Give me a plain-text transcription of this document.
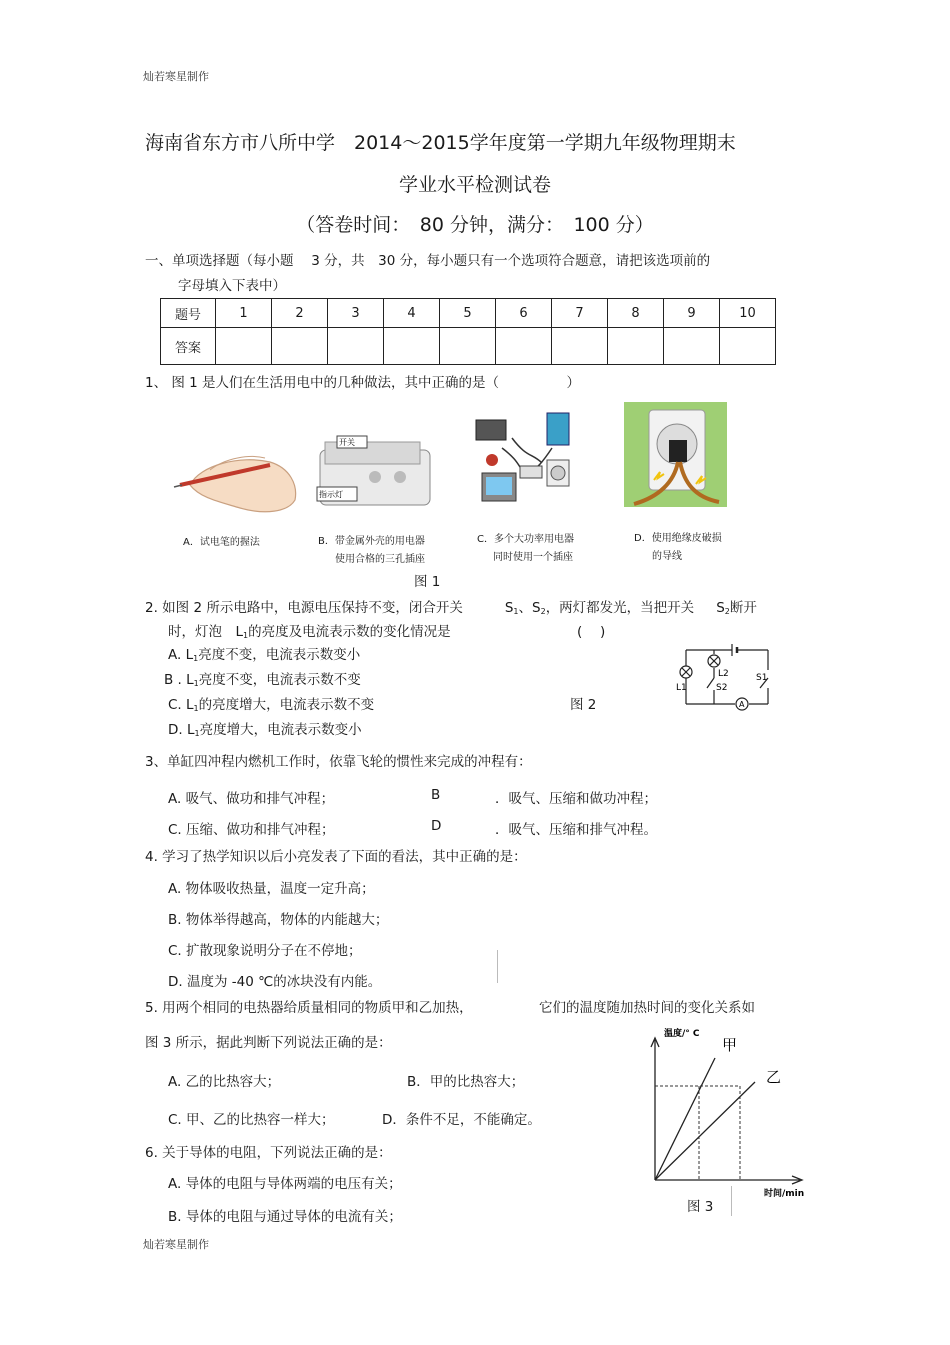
灿若寒星制作
海南省东方市八所中学　2014～2015学年度第一学期九年级物理期末
学业水平检测试卷
（答卷时间：　80 分钟，满分：　100 分）
一、单项选择题（每小题　 3 分，共　30 分，每小题只有一个选项符合题意，请把该选项前的
字母填入下表中）
题号	1	2	3	4	5	6	7	8	9	10
答案										
1、 图 1 是人们在生活用电中的几种做法，其中正确的是（　　　　　）
开关
指示灯
A．试电笔的握法	B．带金属外壳的用电器
使用合格的三孔插座
C．多个大功率用电器
同时使用一个插座
D．使用绝缘皮破损
的导线
图 1
2. 如图 2 所示电路中，电源电压保持不变，闭合开关	$S_1$、$S_2$，两灯都发光，当把开关 $S_2$断开
时，灯泡　$L_1$的亮度及电流表示数的变化情况是	(　 )
A. $L_1$亮度不变，电流表示数变小
B . $L_1$亮度不变，电流表示数不变
C. $L_1$的亮度增大，电流表示数不变
D. $L_1$亮度增大，电流表示数变小
图 2
L1
L2
S2
S1
A
3、单缸四冲程内燃机工作时，依靠飞轮的惯性来完成的冲程有：
A. 吸气、做功和排气冲程；	B	．吸气、压缩和做功冲程；
C. 压缩、做功和排气冲程；	D	．吸气、压缩和排气冲程。
4. 学习了热学知识以后小亮发表了下面的看法，其中正确的是：
A. 物体吸收热量，温度一定升高；
B. 物体举得越高，物体的内能越大；
C. 扩散现象说明分子在不停地；
D. 温度为 -40 ℃的冰块没有内能。
5. 用两个相同的电热器给质量相同的物质甲和乙加热，	它们的温度随加热时间的变化关系如
图 3 所示，据此判断下列说法正确的是：
A. 乙的比热容大；	B．甲的比热容大；
C. 甲、乙的比热容一样大；	D．条件不足，不能确定。
温度/° C
时间/min
甲
乙
图 3
6. 关于导体的电阻，下列说法正确的是：
A. 导体的电阻与导体两端的电压有关；
B. 导体的电阻与通过导体的电流有关；
灿若寒星制作
